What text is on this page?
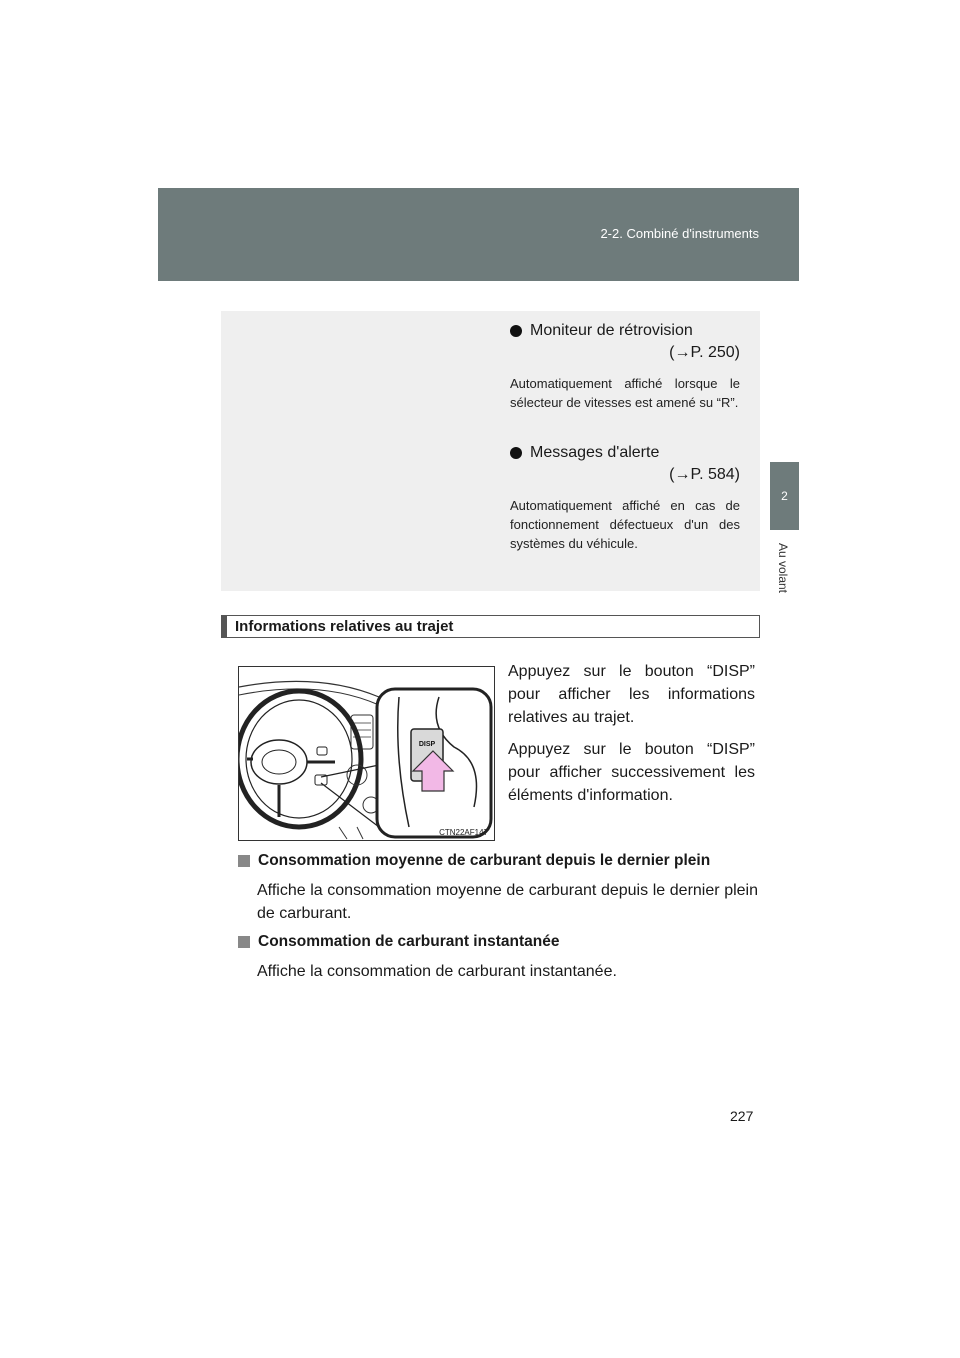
2-2. Combiné d'instruments
2
Au volant
Moniteur de rétrovision
(→P. 250)
Automatiquement affiché lorsque le sélecteur de vitesses est amené su “R”.
Messages d'alerte
(→P. 584)
Automatiquement affiché en cas de fonctionnement défectueux d'un des systèmes du véhicule.
Informations relatives au trajet
DISP
CTN22AF147
Appuyez sur le bouton “DISP” pour afficher les informations relatives au trajet.
Appuyez sur le bouton “DISP” pour afficher successivement les éléments d'information.
Consommation moyenne de carburant depuis le dernier plein
Affiche la consommation moyenne de carburant depuis le dernier plein de carburant.
Consommation de carburant instantanée
Affiche la consommation de carburant instantanée.
227
